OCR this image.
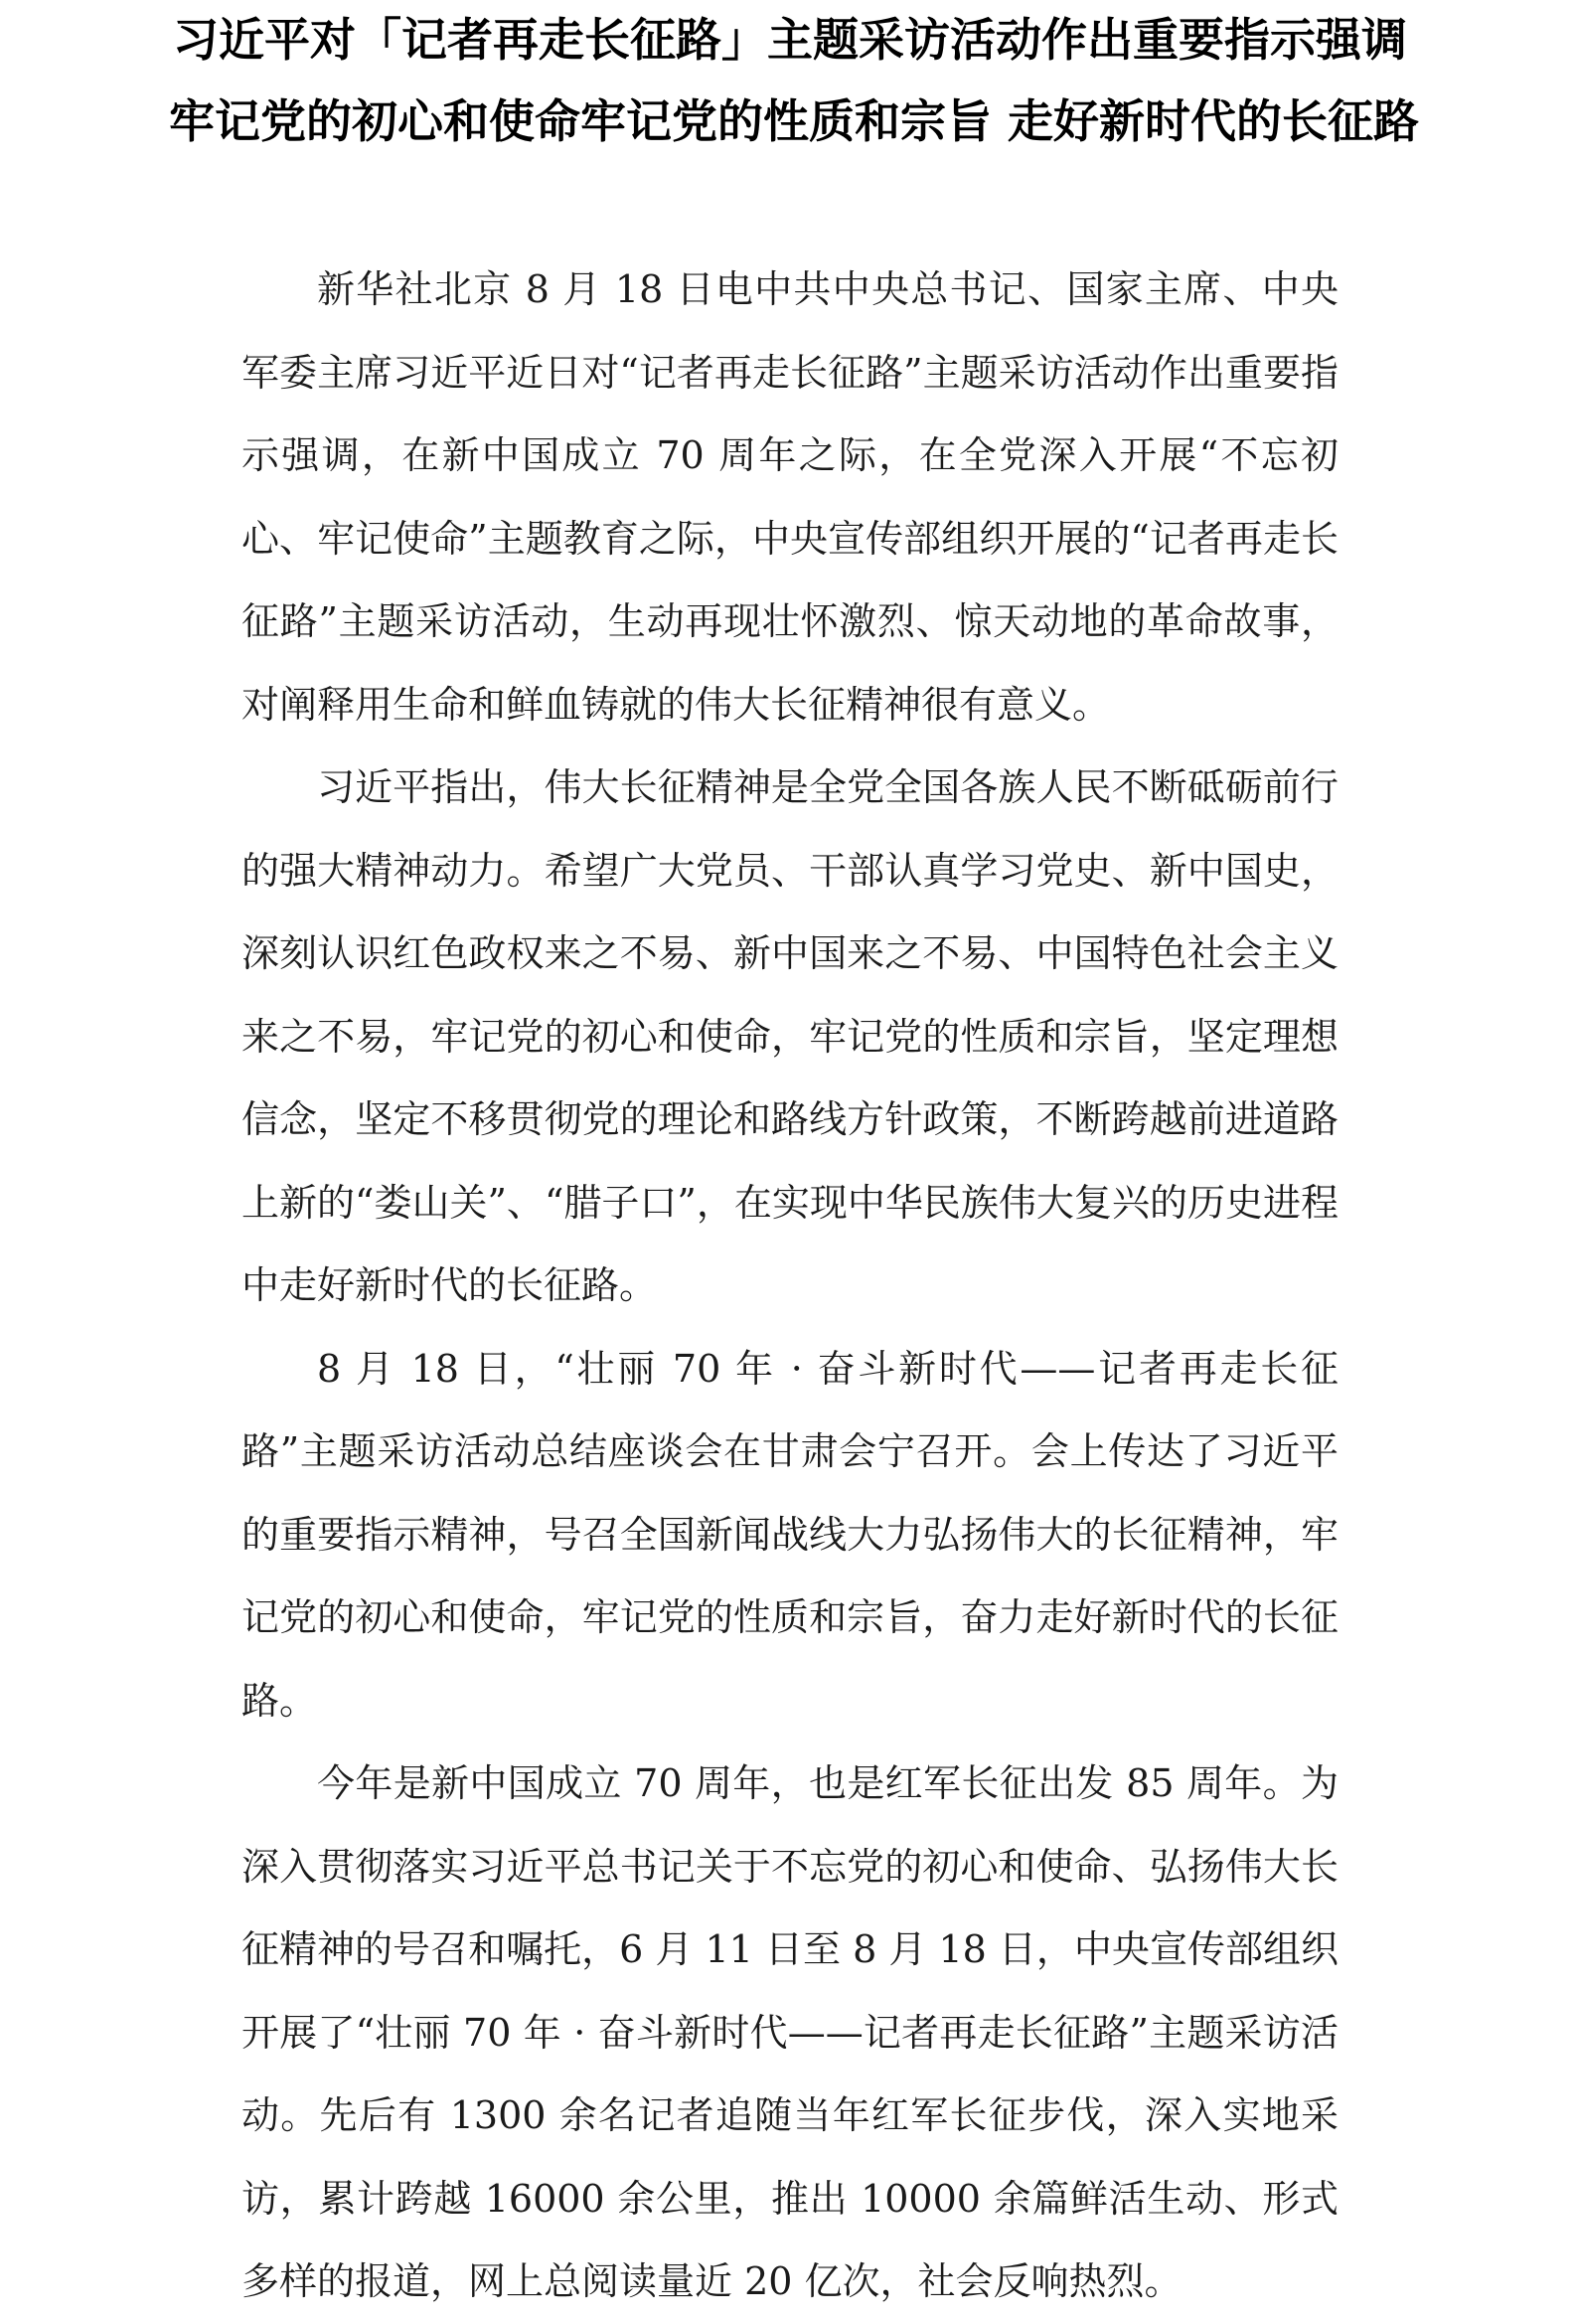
习近平对「记者再走长征路」主题采访活动作出重要指示强调
牢记党的初心和使命牢记党的性质和宗旨 走好新时代的长征路

新华社北京 8 月 18 日电中共中央总书记、国家主席、中央军委主席习近平近日对“记者再走长征路”主题采访活动作出重要指示强调，在新中国成立 70 周年之际，在全党深入开展“不忘初心、牢记使命”主题教育之际，中央宣传部组织开展的“记者再走长征路”主题采访活动，生动再现壮怀激烈、惊天动地的革命故事，对阐释用生命和鲜血铸就的伟大长征精神很有意义。

习近平指出，伟大长征精神是全党全国各族人民不断砥砺前行的强大精神动力。希望广大党员、干部认真学习党史、新中国史，深刻认识红色政权来之不易、新中国来之不易、中国特色社会主义来之不易，牢记党的初心和使命，牢记党的性质和宗旨，坚定理想信念，坚定不移贯彻党的理论和路线方针政策，不断跨越前进道路上新的“娄山关”、“腊子口”，在实现中华民族伟大复兴的历史进程中走好新时代的长征路。

8 月 18 日，“壮丽 70 年 · 奋斗新时代——记者再走长征路”主题采访活动总结座谈会在甘肃会宁召开。会上传达了习近平的重要指示精神，号召全国新闻战线大力弘扬伟大的长征精神，牢记党的初心和使命，牢记党的性质和宗旨，奋力走好新时代的长征路。

今年是新中国成立 70 周年，也是红军长征出发 85 周年。为深入贯彻落实习近平总书记关于不忘党的初心和使命、弘扬伟大长征精神的号召和嘱托，6 月 11 日至 8 月 18 日，中央宣传部组织开展了“壮丽 70 年 · 奋斗新时代——记者再走长征路”主题采访活动。先后有 1300 余名记者追随当年红军长征步伐，深入实地采访，累计跨越 16000 余公里，推出 10000 余篇鲜活生动、形式多样的报道，网上总阅读量近 20 亿次，社会反响热烈。
